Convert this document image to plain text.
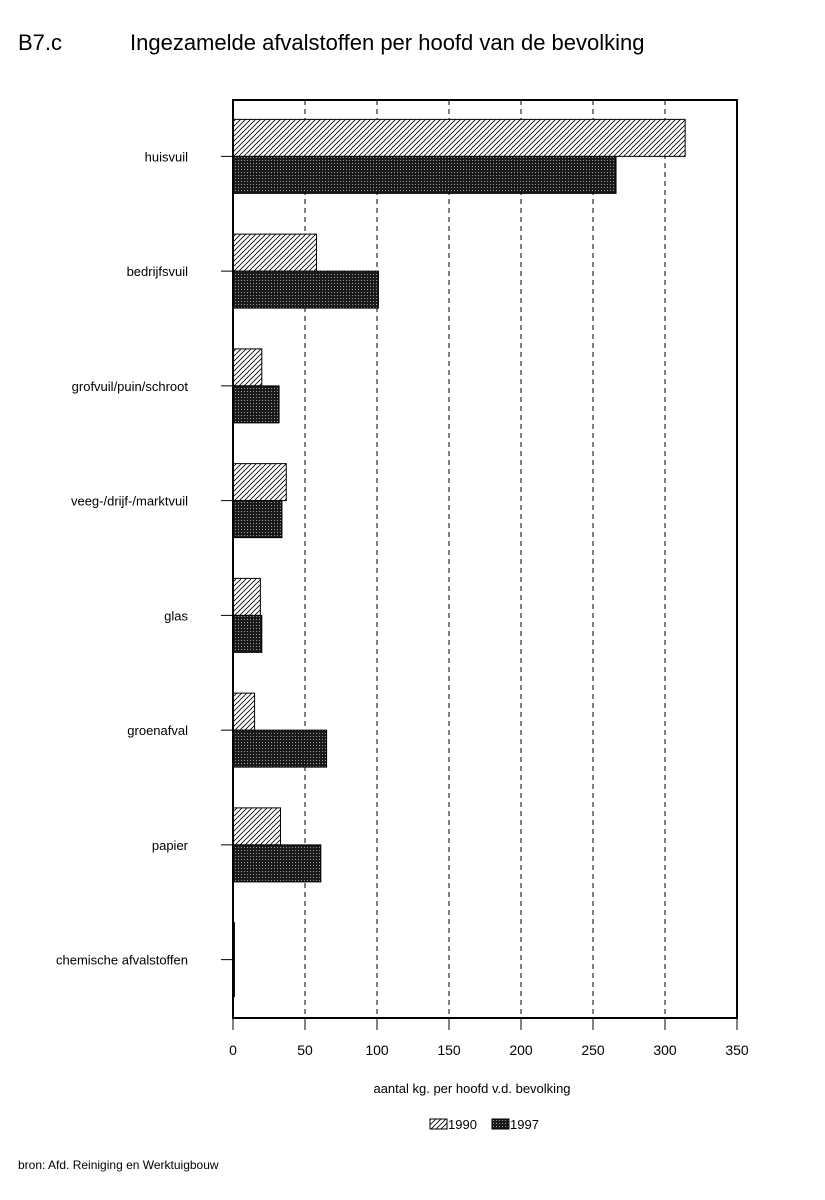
B7.c	Ingezamelde afvalstoffen per hoofd van de bevolking
0	50	100	150	200	250	300	350
huisvuil
bedrijfsvuil
grofvuil/puin/schroot
veeg-/drijf-/marktvuil
glas
groenafval
papier
chemische afvalstoffen
aantal kg. per hoofd v.d. bevolking
1990	1997
bron: Afd. Reiniging en Werktuigbouw
